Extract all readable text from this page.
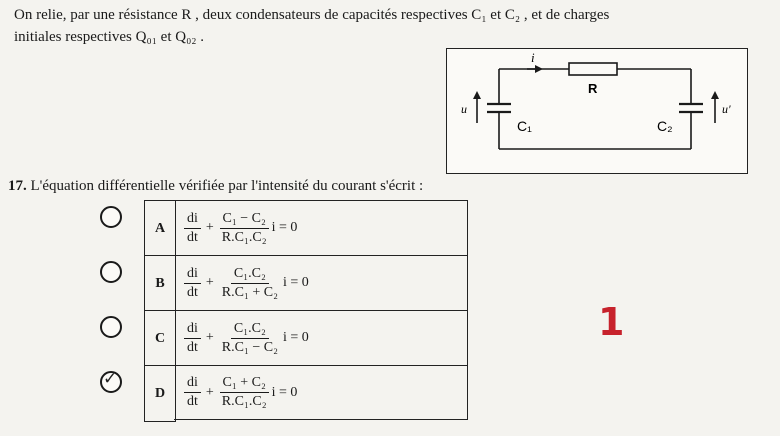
On relie, par une résistance R , deux condensateurs de capacités respectives C₁ et C₂ , et de charges
initiales respectives Q₀₁ et Q₀₂ .
i
R
C₁	C₂
u	u'
17. L'équation différentielle vérifiée par l'intensité du courant s'écrit :
A	$\frac{di}{dt} + \frac{\text{C₁ − C₂}}{\text{R.C₁.C₂}}$ i = 0
B	$\frac{di}{dt} + \frac{\text{C₁.C₂}}{\text{R.C₁ + C₂}}$ i = 0
C	$\frac{di}{dt} + \frac{\text{C₁.C₂}}{\text{R.C₁ − C₂}}$ i = 0
✓
D	$\frac{di}{dt} + \frac{\text{C₁ + C₂}}{\text{R.C₁.C₂}}$ i = 0
1
